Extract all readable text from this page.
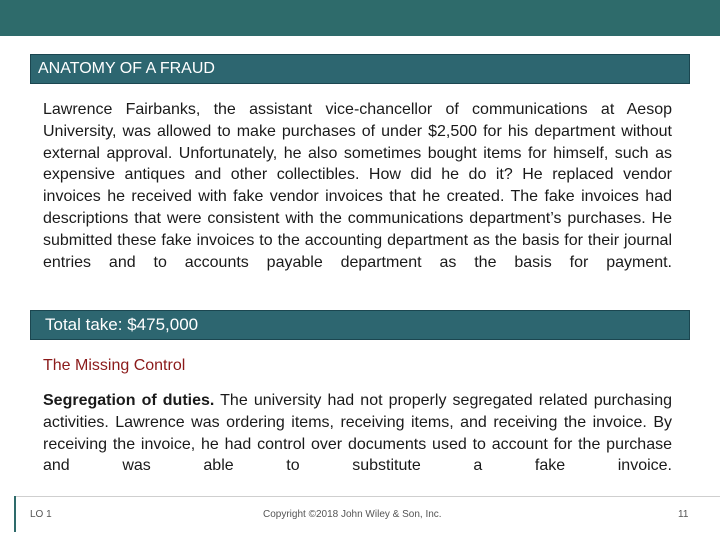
ANATOMY OF A FRAUD

Lawrence Fairbanks, the assistant vice-chancellor of communications at Aesop University, was allowed to make purchases of under $2,500 for his department without external approval. Unfortunately, he also sometimes bought items for himself, such as expensive antiques and other collectibles. How did he do it? He replaced vendor invoices he received with fake vendor invoices that he created. The fake invoices had descriptions that were consistent with the communications department’s purchases. He submitted these fake invoices to the accounting department as the basis for their journal entries and to accounts payable department as the basis for payment.

Total take: $475,000

The Missing Control

Segregation of duties. The university had not properly segregated related purchasing activities. Lawrence was ordering items, receiving items, and receiving the invoice. By receiving the invoice, he had control over documents used to account for the purchase and was able to substitute a fake invoice.

LO 1	Copyright ©2018 John Wiley & Son, Inc.	11
